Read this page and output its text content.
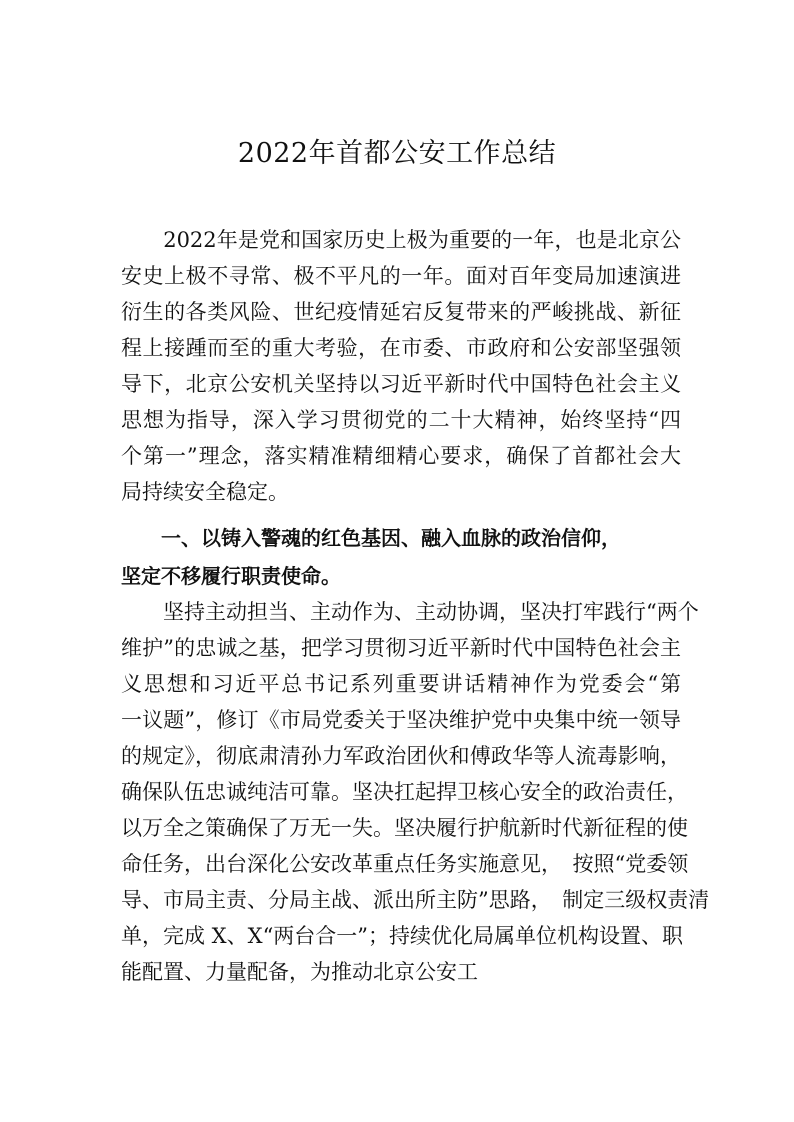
2022年首都公安工作总结
　　2022年是党和国家历史上极为重要的一年，也是北京公
安史上极不寻常、极不平凡的一年。面对百年变局加速演进
衍生的各类风险、世纪疫情延宕反复带来的严峻挑战、新征
程上接踵而至的重大考验，在市委、市政府和公安部坚强领
导下，北京公安机关坚持以习近平新时代中国特色社会主义
思想为指导，深入学习贯彻党的二十大精神，始终坚持“四
个第一”理念，落实精准精细精心要求，确保了首都社会大
局持续安全稳定。
　　一、以铸入警魂的红色基因、融入血脉的政治信仰，
坚定不移履行职责使命。
　　坚持主动担当、主动作为、主动协调，坚决打牢践行“两个
维护”的忠诚之基，把学习贯彻习近平新时代中国特色社会主
义思想和习近平总书记系列重要讲话精神作为党委会“第
一议题”，修订《市局党委关于坚决维护党中央集中统一领导
的规定》，彻底肃清孙力军政治团伙和傅政华等人流毒影响，
确保队伍忠诚纯洁可靠。坚决扛起捍卫核心安全的政治责任，
以万全之策确保了万无一失。坚决履行护航新时代新征程的使
命任务，出台深化公安改革重点任务实施意见，　按照“党委领
导、市局主责、分局主战、派出所主防”思路，　制定三级权责清
单，完成 X、X“两台合一”；持续优化局属单位机构设置、职
能配置、力量配备，为推动北京公安工
